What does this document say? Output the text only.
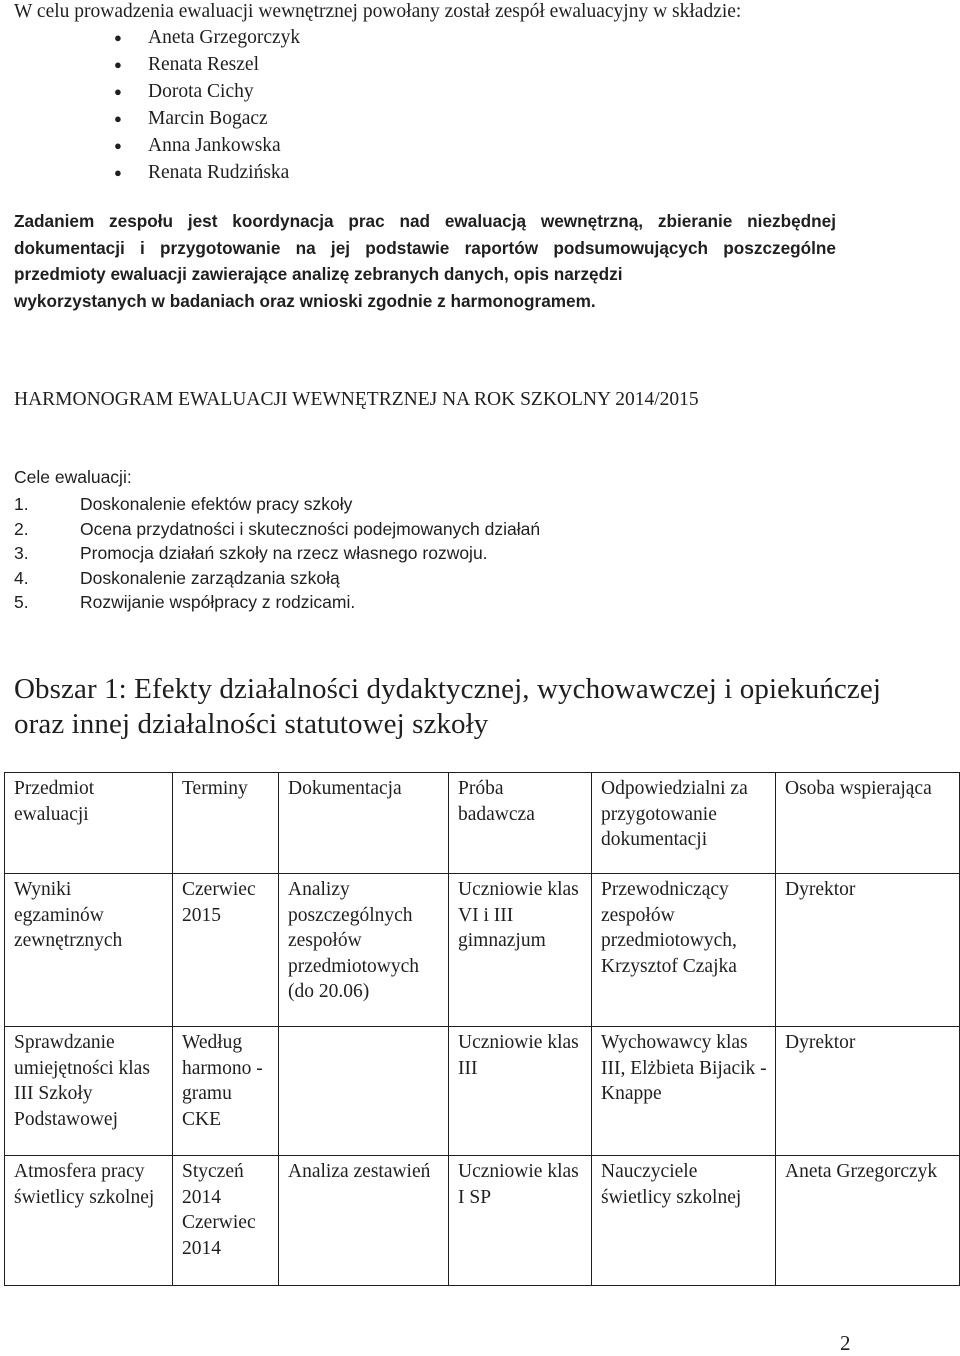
W celu prowadzenia ewaluacji wewnętrznej powołany został zespół ewaluacyjny w składzie:

● Aneta Grzegorczyk
● Renata Reszel
● Dorota Cichy
● Marcin Bogacz
● Anna Jankowska
● Renata Rudzińska
Zadaniem zespołu jest koordynacja prac nad ewaluacją wewnętrzną, zbieranie niezbędnej dokumentacji i przygotowanie na jej podstawie raportów podsumowujących poszczególne przedmioty ewaluacji zawierające analizę zebranych danych, opis narzędzi
wykorzystanych w badaniach oraz wnioski zgodnie z harmonogramem.

HARMONOGRAM EWALUACJI WEWNĘTRZNEJ NA ROK SZKOLNY 2014/2015

Cele ewaluacji:

1.	Doskonalenie efektów pracy szkoły
2.	Ocena przydatności i skuteczności podejmowanych działań
3.	Promocja działań szkoły na rzecz własnego rozwoju.
4.	Doskonalenie zarządzania szkołą
5.	Rozwijanie współpracy z rodzicami.
Obszar 1: Efekty działalności dydaktycznej, wychowawczej i opiekuńczej oraz innej działalności statutowej szkoły
Przedmiot ewaluacji	Terminy	Dokumentacja	Próba badawcza	Odpowiedzialni za przygotowanie dokumentacji	Osoba wspierająca
Wyniki egzaminów zewnętrznych	Czerwiec 2015	Analizy poszczególnych zespołów przedmiotowych (do 20.06)	Uczniowie klas VI i III gimnazjum	Przewodniczący zespołów przedmiotowych, Krzysztof Czajka	Dyrektor
Sprawdzanie umiejętności klas III Szkoły Podstawowej	Według harmono -gramu CKE		Uczniowie klas III	Wychowawcy klas III, Elżbieta Bijacik - Knappe	Dyrektor
Atmosfera pracy świetlicy szkolnej	Styczeń 2014 Czerwiec 2014	Analiza zestawień	Uczniowie klas I SP	Nauczyciele świetlicy szkolnej	Aneta Grzegorczyk

2
